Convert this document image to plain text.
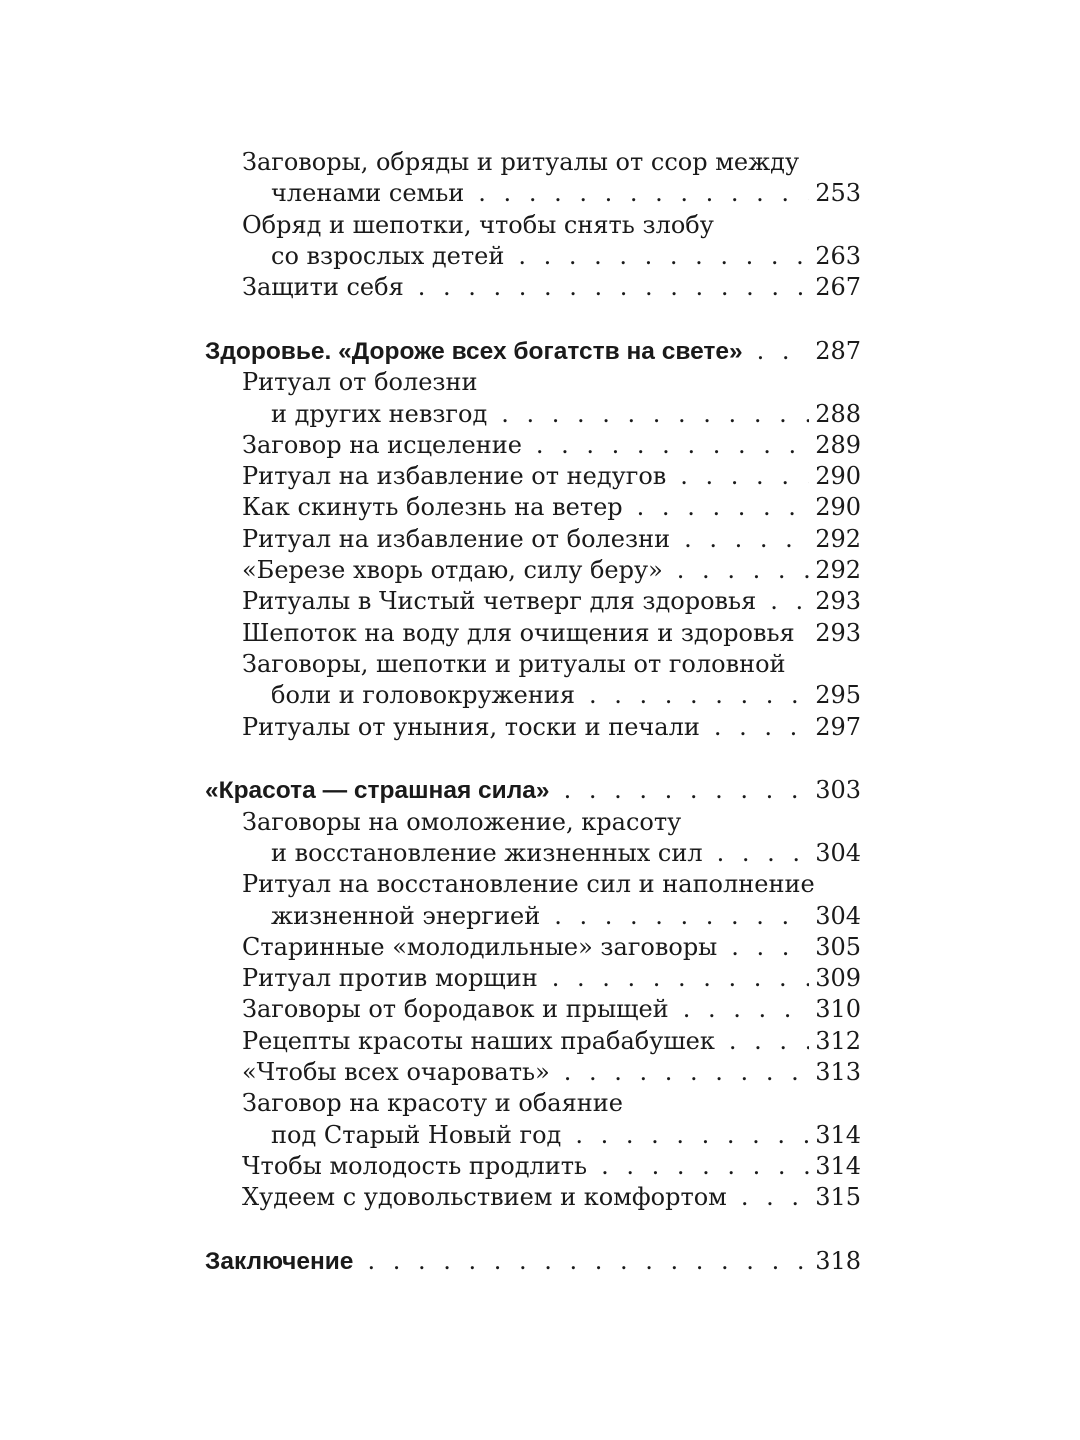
Заговоры, обряды и ритуалы от ссор между
членами семьи . . .	253
Обряд и шепотки, чтобы снять злобу
со взрослых детей . . .	263
Защити себя . . .	267
Здоровье. «Дороже всех богатств на свете» . . .	287
Ритуал от болезни
и других невзгод . . .	288
Заговор на исцеление . . .	289
Ритуал на избавление от недугов . . .	290
Как скинуть болезнь на ветер . . .	290
Ритуал на избавление от болезни . . .	292
«Березе хворь отдаю, силу беру» . . .	292
Ритуалы в Чистый четверг для здоровья . . . 293
Шепоток на воду для очищения и здоровья . . . 293
Заговоры, шепотки и ритуалы от головной
боли и головокружения . . .	295
Ритуалы от уныния, тоски и печали . . .	297
«Красота — страшная сила» . . .	303
Заговоры на омоложение, красоту
и восстановление жизненных сил . . .	304
Ритуал на восстановление сил и наполнение
жизненной энергией . . .	304
Старинные «молодильные» заговоры . . .	305
Ритуал против морщин . . .	309
Заговоры от бородавок и прыщей . . .	310
Рецепты красоты наших прабабушек . . .	312
«Чтобы всех очаровать» . . .	313
Заговор на красоту и обаяние
под Старый Новый год . . .	314
Чтобы молодость продлить . . .	314
Худеем с удовольствием и комфортом . . .	315
Заключение . . .	318
